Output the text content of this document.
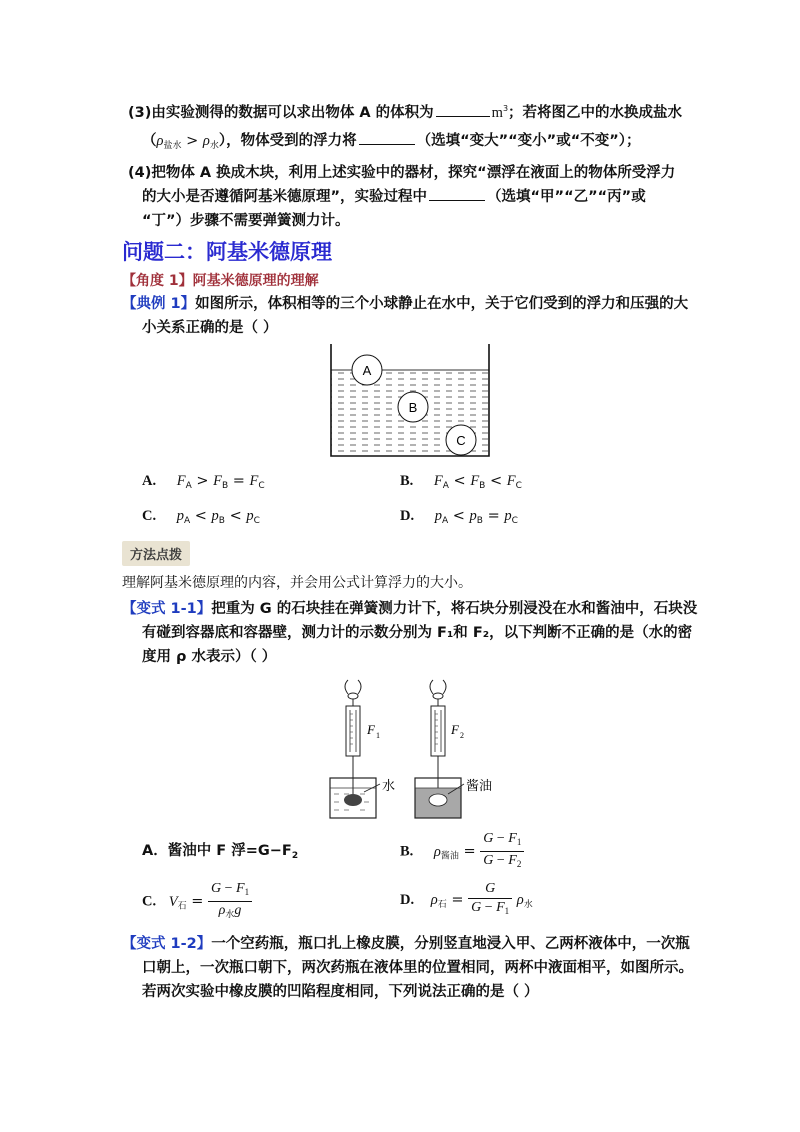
(3)由实验测得的数据可以求出物体 A 的体积为	$m^3$；若将图乙中的水换成盐水
$(\rho_{盐水} > \rho_水)$，物体受到的浮力将	（选填“变大”“变小”或“不变”）；
(4)把物体 A 换成木块，利用上述实验中的器材，探究“漂浮在液面上的物体所受浮力
的大小是否遵循阿基米德原理”，实验过程中	（选填“甲”“乙”“丙”或
“丁”）步骤不需要弹簧测力计。
问题二：阿基米德原理
【角度 1】阿基米德原理的理解
【典例 1】如图所示，体积相等的三个小球静止在水中，关于它们受到的浮力和压强的大
小关系正确的是（ ）
A
B
C
A. $F_A > F_B = F_C$	B. $F_A < F_B < F_C$
C. $p_A < p_B < p_C$	D. $p_A < p_B = p_C$
方法点拨
理解阿基米德原理的内容，并会用公式计算浮力的大小。
【变式 1-1】把重为 G 的石块挂在弹簧测力计下，将石块分别浸没在水和酱油中，石块没
有碰到容器底和容器壁，测力计的示数分别为 F₁和 F₂，以下判断不正确的是（水的密
度用 ρ 水表示）（ ）
F 1
水
F 2
酱油
A．酱油中 F 浮$=G-F_2$	B. $\rho_{酱油} = \frac{G - F_1}{G - F_2}$
C. $V_石 = \frac{G - F_1}{\rho_水g}$	D. $\rho_石 = \frac{G}{G - F_1} \rho_水$
【变式 1-2】一个空药瓶，瓶口扎上橡皮膜，分别竖直地浸入甲、乙两杯液体中，一次瓶
口朝上，一次瓶口朝下，两次药瓶在液体里的位置相同，两杯中液面相平，如图所示。
若两次实验中橡皮膜的凹陷程度相同，下列说法正确的是（ ）
